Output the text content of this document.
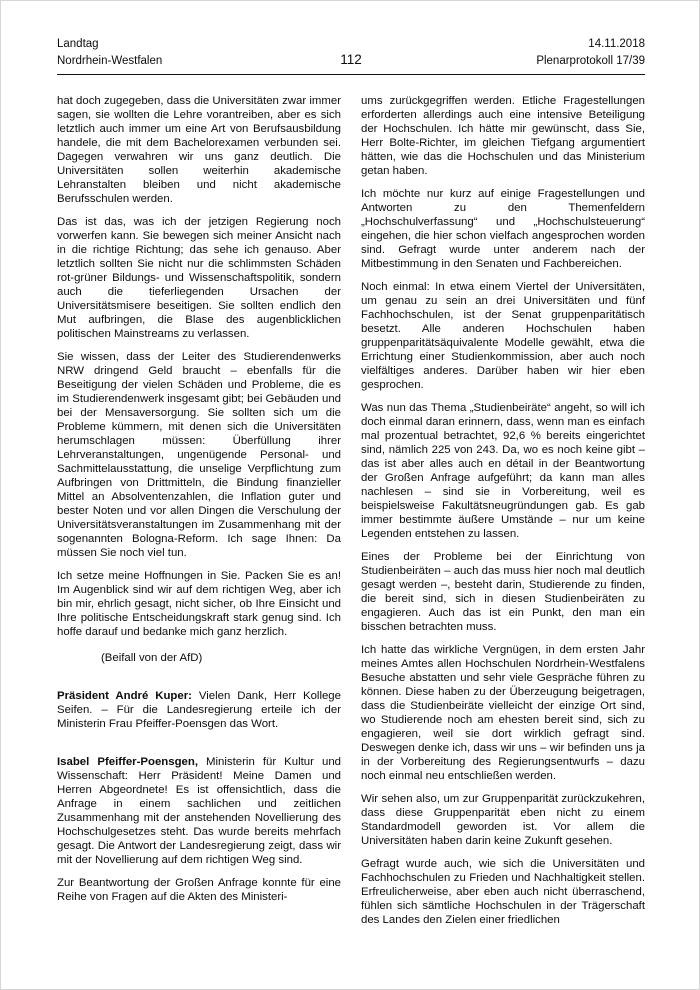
Landtag
Nordrhein-Westfalen	112
14.11.2018
Plenarprotokoll 17/39

hat doch zugegeben, dass die Universitäten zwar immer sagen, sie wollten die Lehre vorantreiben, aber es sich letztlich auch immer um eine Art von Berufsausbildung handele, die mit dem Bachelorexamen verbunden sei. Dagegen verwahren wir uns ganz deutlich. Die Universitäten sollen weiterhin akademische Lehranstalten bleiben und nicht akademische Berufsschulen werden.

Das ist das, was ich der jetzigen Regierung noch vorwerfen kann. Sie bewegen sich meiner Ansicht nach in die richtige Richtung; das sehe ich genauso. Aber letztlich sollten Sie nicht nur die schlimmsten Schäden rot-grüner Bildungs- und Wissenschaftspolitik, sondern auch die tieferliegenden Ursachen der Universitätsmisere beseitigen. Sie sollten endlich den Mut aufbringen, die Blase des augenblicklichen politischen Mainstreams zu verlassen.

Sie wissen, dass der Leiter des Studierendenwerks NRW dringend Geld braucht – ebenfalls für die Beseitigung der vielen Schäden und Probleme, die es im Studierendenwerk insgesamt gibt; bei Gebäuden und bei der Mensaversorgung. Sie sollten sich um die Probleme kümmern, mit denen sich die Universitäten herumschlagen müssen: Überfüllung ihrer Lehrveranstaltungen, ungenügende Personal- und Sachmittelausstattung, die unselige Verpflichtung zum Aufbringen von Drittmitteln, die Bindung finanzieller Mittel an Absolventenzahlen, die Inflation guter und bester Noten und vor allen Dingen die Verschulung der Universitätsveranstaltungen im Zusammenhang mit der sogenannten Bologna-Reform. Ich sage Ihnen: Da müssen Sie noch viel tun.

Ich setze meine Hoffnungen in Sie. Packen Sie es an! Im Augenblick sind wir auf dem richtigen Weg, aber ich bin mir, ehrlich gesagt, nicht sicher, ob Ihre Einsicht und Ihre politische Entscheidungskraft stark genug sind. Ich hoffe darauf und bedanke mich ganz herzlich.

(Beifall von der AfD)

Präsident André Kuper: Vielen Dank, Herr Kollege Seifen. – Für die Landesregierung erteile ich der Ministerin Frau Pfeiffer-Poensgen das Wort.

Isabel Pfeiffer-Poensgen, Ministerin für Kultur und Wissenschaft: Herr Präsident! Meine Damen und Herren Abgeordnete! Es ist offensichtlich, dass die Anfrage in einem sachlichen und zeitlichen Zusammenhang mit der anstehenden Novellierung des Hochschulgesetzes steht. Das wurde bereits mehrfach gesagt. Die Antwort der Landesregierung zeigt, dass wir mit der Novellierung auf dem richtigen Weg sind.

Zur Beantwortung der Großen Anfrage konnte für eine Reihe von Fragen auf die Akten des Ministeri-

ums zurückgegriffen werden. Etliche Fragestellungen erforderten allerdings auch eine intensive Beteiligung der Hochschulen. Ich hätte mir gewünscht, dass Sie, Herr Bolte-Richter, im gleichen Tiefgang argumentiert hätten, wie das die Hochschulen und das Ministerium getan haben.

Ich möchte nur kurz auf einige Fragestellungen und Antworten zu den Themenfeldern „Hochschulverfassung“ und „Hochschulsteuerung“ eingehen, die hier schon vielfach angesprochen worden sind. Gefragt wurde unter anderem nach der Mitbestimmung in den Senaten und Fachbereichen.

Noch einmal: In etwa einem Viertel der Universitäten, um genau zu sein an drei Universitäten und fünf Fachhochschulen, ist der Senat gruppenparitätisch besetzt. Alle anderen Hochschulen haben gruppenparitätsäquivalente Modelle gewählt, etwa die Errichtung einer Studienkommission, aber auch noch vielfältiges anderes. Darüber haben wir hier eben gesprochen.

Was nun das Thema „Studienbeiräte“ angeht, so will ich doch einmal daran erinnern, dass, wenn man es einfach mal prozentual betrachtet, 92,6 % bereits eingerichtet sind, nämlich 225 von 243. Da, wo es noch keine gibt – das ist aber alles auch en détail in der Beantwortung der Großen Anfrage aufgeführt; da kann man alles nachlesen – sind sie in Vorbereitung, weil es beispielsweise Fakultätsneugründungen gab. Es gab immer bestimmte äußere Umstände – nur um keine Legenden entstehen zu lassen.

Eines der Probleme bei der Einrichtung von Studienbeiräten – auch das muss hier noch mal deutlich gesagt werden –, besteht darin, Studierende zu finden, die bereit sind, sich in diesen Studienbeiräten zu engagieren. Auch das ist ein Punkt, den man ein bisschen betrachten muss.

Ich hatte das wirkliche Vergnügen, in dem ersten Jahr meines Amtes allen Hochschulen Nordrhein-Westfalens Besuche abstatten und sehr viele Gespräche führen zu können. Diese haben zu der Überzeugung beigetragen, dass die Studienbeiräte vielleicht der einzige Ort sind, wo Studierende noch am ehesten bereit sind, sich zu engagieren, weil sie dort wirklich gefragt sind. Deswegen denke ich, dass wir uns – wir befinden uns ja in der Vorbereitung des Regierungsentwurfs – dazu noch einmal neu entschließen werden.

Wir sehen also, um zur Gruppenparität zurückzukehren, dass diese Gruppenparität eben nicht zu einem Standardmodell geworden ist. Vor allem die Universitäten haben darin keine Zukunft gesehen.

Gefragt wurde auch, wie sich die Universitäten und Fachhochschulen zu Frieden und Nachhaltigkeit stellen. Erfreulicherweise, aber eben auch nicht überraschend, fühlen sich sämtliche Hochschulen in der Trägerschaft des Landes den Zielen einer friedlichen
